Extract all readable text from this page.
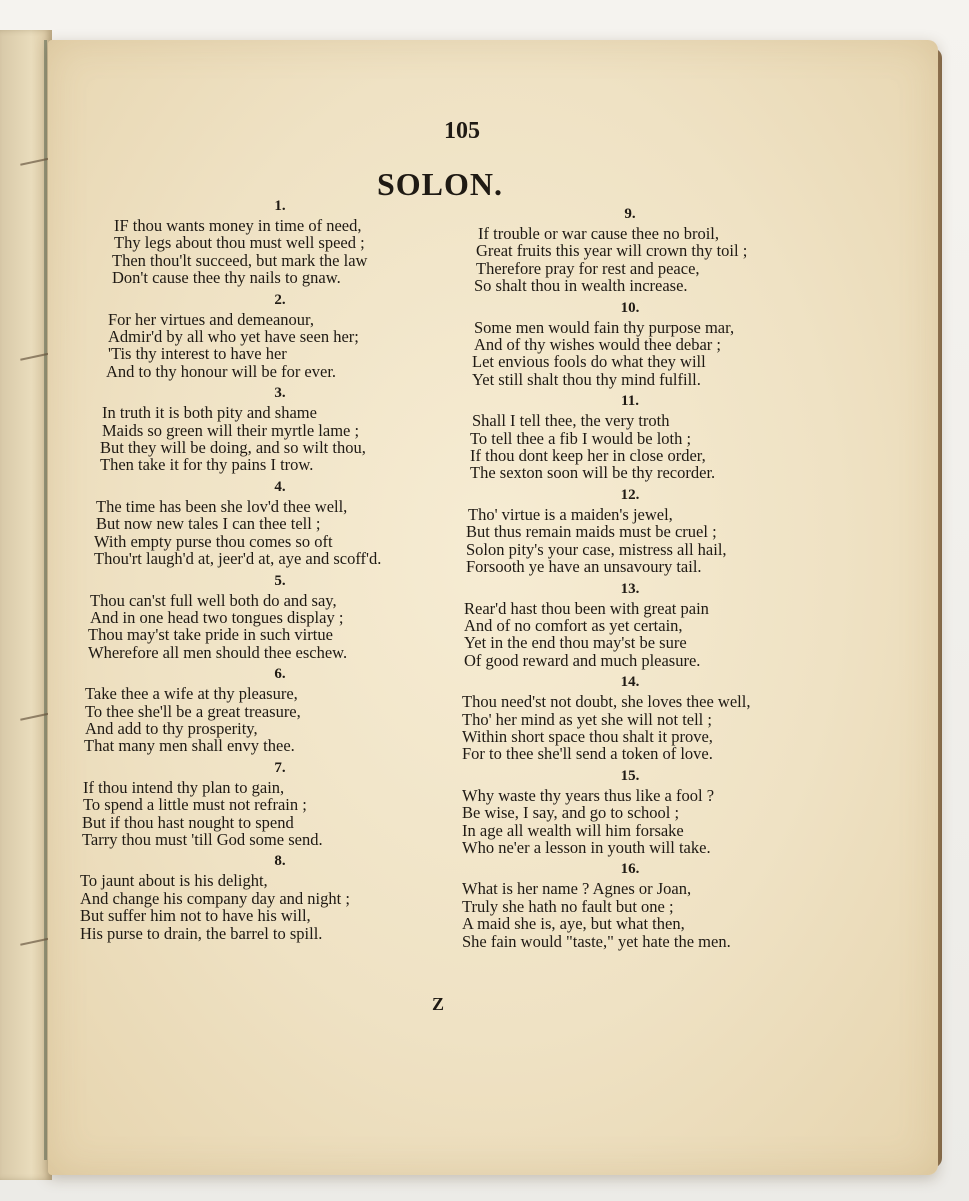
105
SOLON.
1.
IF thou wants money in time of need,
Thy legs about thou must well speed ;
Then thou'lt succeed, but mark the law
Don't cause thee thy nails to gnaw.
2.
For her virtues and demeanour,
Admir'd by all who yet have seen her;
'Tis thy interest to have her
And to thy honour will be for ever.
3.
In truth it is both pity and shame
Maids so green will their myrtle lame ;
But they will be doing, and so wilt thou,
Then take it for thy pains I trow.
4.
The time has been she lov'd thee well,
But now new tales I can thee tell ;
With empty purse thou comes so oft
Thou'rt laugh'd at, jeer'd at, aye and scoff'd.
5.
Thou can'st full well both do and say,
And in one head two tongues display ;
Thou may'st take pride in such virtue
Wherefore all men should thee eschew.
6.
Take thee a wife at thy pleasure,
To thee she'll be a great treasure,
And add to thy prosperity,
That many men shall envy thee.
7.
If thou intend thy plan to gain,
To spend a little must not refrain ;
But if thou hast nought to spend
Tarry thou must 'till God some send.
8.
To jaunt about is his delight,
And change his company day and night ;
But suffer him not to have his will,
His purse to drain, the barrel to spill.
9.
If trouble or war cause thee no broil,
Great fruits this year will crown thy toil ;
Therefore pray for rest and peace,
So shalt thou in wealth increase.
10.
Some men would fain thy purpose mar,
And of thy wishes would thee debar ;
Let envious fools do what they will
Yet still shalt thou thy mind fulfill.
11.
Shall I tell thee, the very troth
To tell thee a fib I would be loth ;
If thou dont keep her in close order,
The sexton soon will be thy recorder.
12.
Tho' virtue is a maiden's jewel,
But thus remain maids must be cruel ;
Solon pity's your case, mistress all hail,
Forsooth ye have an unsavoury tail.
13.
Rear'd hast thou been with great pain
And of no comfort as yet certain,
Yet in the end thou may'st be sure
Of good reward and much pleasure.
14.
Thou need'st not doubt, she loves thee well,
Tho' her mind as yet she will not tell ;
Within short space thou shalt it prove,
For to thee she'll send a token of love.
15.
Why waste thy years thus like a fool ?
Be wise, I say, and go to school ;
In age all wealth will him forsake
Who ne'er a lesson in youth will take.
16.
What is her name ? Agnes or Joan,
Truly she hath no fault but one ;
A maid she is, aye, but what then,
She fain would "taste," yet hate the men.
Z
